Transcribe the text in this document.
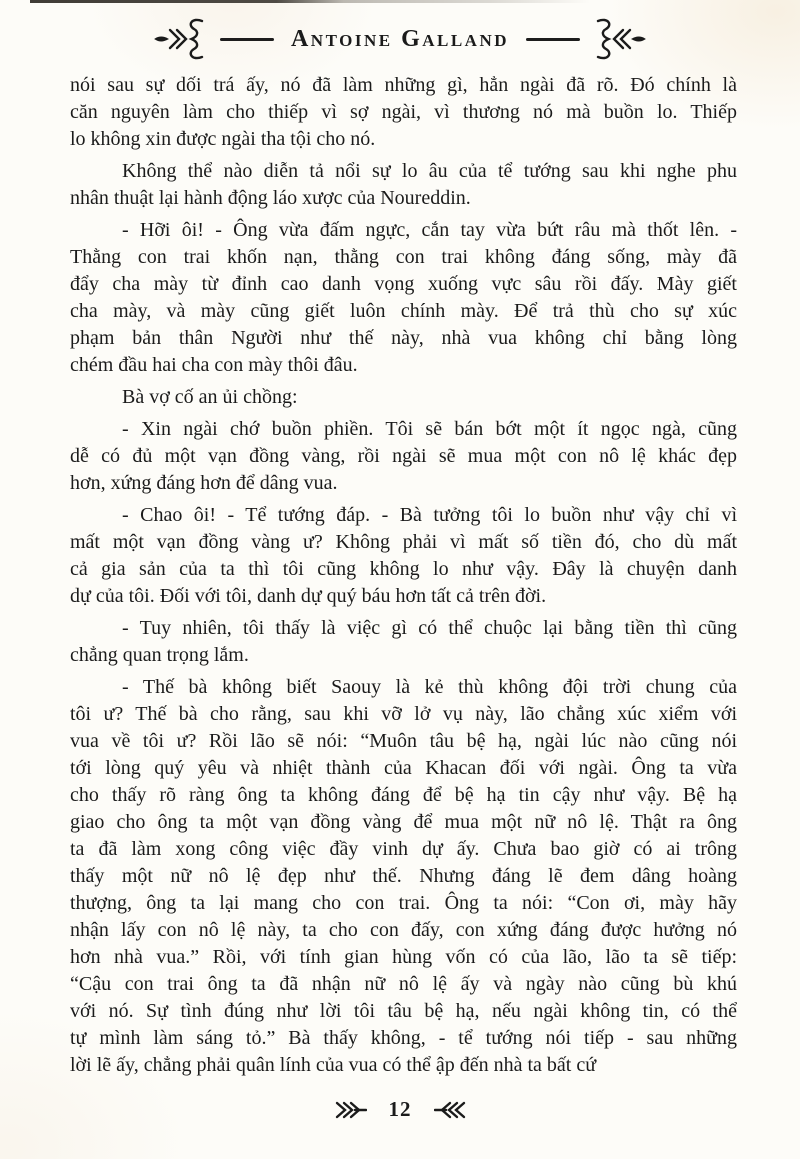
Antoine Galland

nói sau sự dối trá ấy, nó đã làm những gì, hẳn ngài đã rõ. Đó chính là
căn nguyên làm cho thiếp vì sợ ngài, vì thương nó mà buồn lo. Thiếp
lo không xin được ngài tha tội cho nó.

Không thể nào diễn tả nổi sự lo âu của tể tướng sau khi nghe phu
nhân thuật lại hành động láo xược của Noureddin.

- Hỡi ôi! - Ông vừa đấm ngực, cắn tay vừa bứt râu mà thốt lên. -
Thằng con trai khốn nạn, thằng con trai không đáng sống, mày đã
đẩy cha mày từ đỉnh cao danh vọng xuống vực sâu rồi đấy. Mày giết
cha mày, và mày cũng giết luôn chính mày. Để trả thù cho sự xúc
phạm bản thân Người như thế này, nhà vua không chỉ bằng lòng
chém đầu hai cha con mày thôi đâu.

Bà vợ cố an ủi chồng:

- Xin ngài chớ buồn phiền. Tôi sẽ bán bớt một ít ngọc ngà, cũng
dễ có đủ một vạn đồng vàng, rồi ngài sẽ mua một con nô lệ khác đẹp
hơn, xứng đáng hơn để dâng vua.

- Chao ôi! - Tể tướng đáp. - Bà tưởng tôi lo buồn như vậy chỉ vì
mất một vạn đồng vàng ư? Không phải vì mất số tiền đó, cho dù mất
cả gia sản của ta thì tôi cũng không lo như vậy. Đây là chuyện danh
dự của tôi. Đối với tôi, danh dự quý báu hơn tất cả trên đời.

- Tuy nhiên, tôi thấy là việc gì có thể chuộc lại bằng tiền thì cũng
chẳng quan trọng lắm.

- Thế bà không biết Saouy là kẻ thù không đội trời chung của
tôi ư? Thế bà cho rằng, sau khi vỡ lở vụ này, lão chẳng xúc xiểm với
vua về tôi ư? Rồi lão sẽ nói: “Muôn tâu bệ hạ, ngài lúc nào cũng nói
tới lòng quý yêu và nhiệt thành của Khacan đối với ngài. Ông ta vừa
cho thấy rõ ràng ông ta không đáng để bệ hạ tin cậy như vậy. Bệ hạ
giao cho ông ta một vạn đồng vàng để mua một nữ nô lệ. Thật ra ông
ta đã làm xong công việc đầy vinh dự ấy. Chưa bao giờ có ai trông
thấy một nữ nô lệ đẹp như thế. Nhưng đáng lẽ đem dâng hoàng
thượng, ông ta lại mang cho con trai. Ông ta nói: “Con ơi, mày hãy
nhận lấy con nô lệ này, ta cho con đấy, con xứng đáng được hưởng nó
hơn nhà vua.” Rồi, với tính gian hùng vốn có của lão, lão ta sẽ tiếp:
“Cậu con trai ông ta đã nhận nữ nô lệ ấy và ngày nào cũng bù khú
với nó. Sự tình đúng như lời tôi tâu bệ hạ, nếu ngài không tin, có thể
tự mình làm sáng tỏ.” Bà thấy không, - tể tướng nói tiếp - sau những
lời lẽ ấy, chẳng phải quân lính của vua có thể ập đến nhà ta bất cứ

12
